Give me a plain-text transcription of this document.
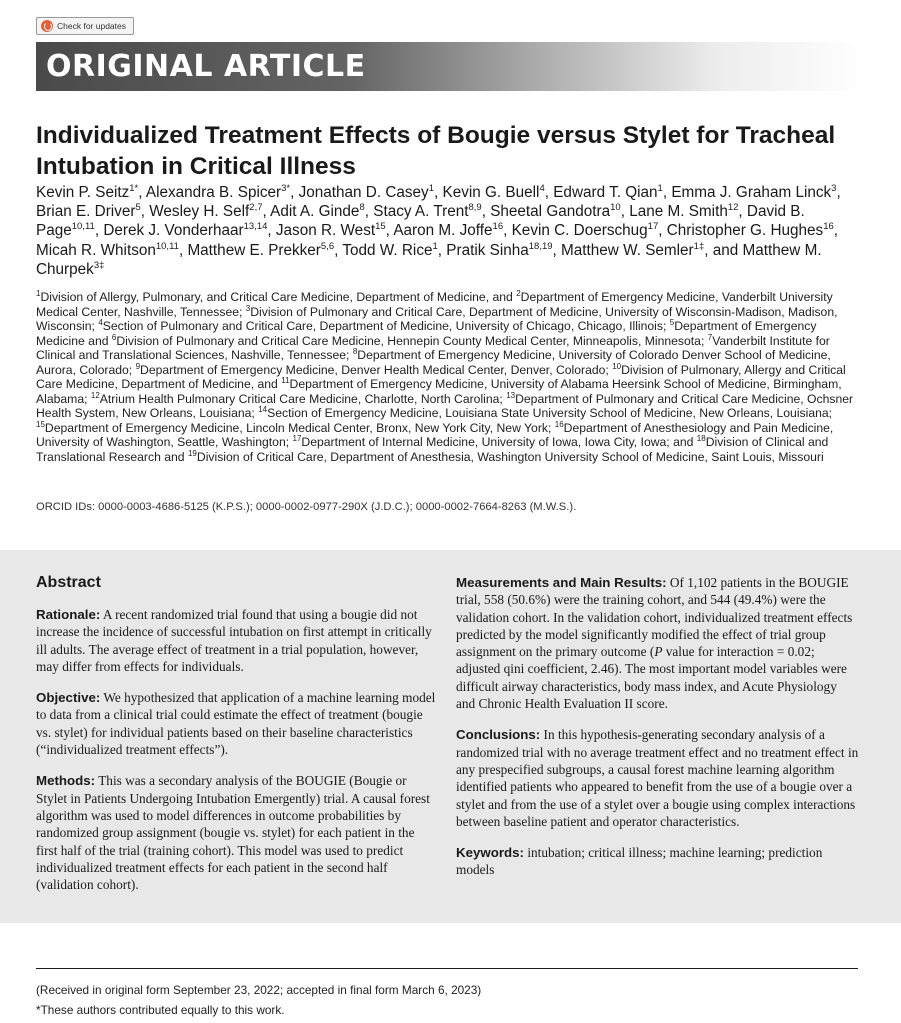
Check for updates
ORIGINAL ARTICLE
Individualized Treatment Effects of Bougie versus Stylet for Tracheal Intubation in Critical Illness
Kevin P. Seitz$^{1*}$, Alexandra B. Spicer$^{3*}$, Jonathan D. Casey$^1$, Kevin G. Buell$^4$, Edward T. Qian$^1$, Emma J. Graham Linck$^3$, Brian E. Driver$^5$, Wesley H. Self$^{2,7}$, Adit A. Ginde$^8$, Stacy A. Trent$^{8,9}$, Sheetal Gandotra$^{10}$, Lane M. Smith$^{12}$, David B. Page$^{10,11}$, Derek J. Vonderhaar$^{13,14}$, Jason R. West$^{15}$, Aaron M. Joffe$^{16}$, Kevin C. Doerschug$^{17}$, Christopher G. Hughes$^{16}$, Micah R. Whitson$^{10,11}$, Matthew E. Prekker$^{5,6}$, Todd W. Rice$^1$, Pratik Sinha$^{18,19}$, Matthew W. Semler$^{1\ddagger}$, and Matthew M. Churpek$^{3\ddagger}$
$^1$Division of Allergy, Pulmonary, and Critical Care Medicine, Department of Medicine, and $^2$Department of Emergency Medicine, Vanderbilt University Medical Center, Nashville, Tennessee; $^3$Division of Pulmonary and Critical Care, Department of Medicine, University of Wisconsin-Madison, Madison, Wisconsin; $^4$Section of Pulmonary and Critical Care, Department of Medicine, University of Chicago, Chicago, Illinois; $^5$Department of Emergency Medicine and $^6$Division of Pulmonary and Critical Care Medicine, Hennepin County Medical Center, Minneapolis, Minnesota; $^7$Vanderbilt Institute for Clinical and Translational Sciences, Nashville, Tennessee; $^8$Department of Emergency Medicine, University of Colorado Denver School of Medicine, Aurora, Colorado; $^9$Department of Emergency Medicine, Denver Health Medical Center, Denver, Colorado; $^{10}$Division of Pulmonary, Allergy and Critical Care Medicine, Department of Medicine, and $^{11}$Department of Emergency Medicine, University of Alabama Heersink School of Medicine, Birmingham, Alabama; $^{12}$Atrium Health Pulmonary Critical Care Medicine, Charlotte, North Carolina; $^{13}$Department of Pulmonary and Critical Care Medicine, Ochsner Health System, New Orleans, Louisiana; $^{14}$Section of Emergency Medicine, Louisiana State University School of Medicine, New Orleans, Louisiana; $^{15}$Department of Emergency Medicine, Lincoln Medical Center, Bronx, New York City, New York; $^{16}$Department of Anesthesiology and Pain Medicine, University of Washington, Seattle, Washington; $^{17}$Department of Internal Medicine, University of Iowa, Iowa City, Iowa; and $^{18}$Division of Clinical and Translational Research and $^{19}$Division of Critical Care, Department of Anesthesia, Washington University School of Medicine, Saint Louis, Missouri
ORCID IDs: 0000-0003-4686-5125 (K.P.S.); 0000-0002-0977-290X (J.D.C.); 0000-0002-7664-8263 (M.W.S.).
Abstract

Rationale: A recent randomized trial found that using a bougie did not increase the incidence of successful intubation on first attempt in critically ill adults. The average effect of treatment in a trial population, however, may differ from effects for individuals.

Objective: We hypothesized that application of a machine learning model to data from a clinical trial could estimate the effect of treatment (bougie vs. stylet) for individual patients based on their baseline characteristics (“individualized treatment effects”).

Methods: This was a secondary analysis of the BOUGIE (Bougie or Stylet in Patients Undergoing Intubation Emergently) trial. A causal forest algorithm was used to model differences in outcome probabilities by randomized group assignment (bougie vs. stylet) for each patient in the first half of the trial (training cohort). This model was used to predict individualized treatment effects for each patient in the second half (validation cohort).

Measurements and Main Results: Of 1,102 patients in the BOUGIE trial, 558 (50.6%) were the training cohort, and 544 (49.4%) were the validation cohort. In the validation cohort, individualized treatment effects predicted by the model significantly modified the effect of trial group assignment on the primary outcome (P value for interaction = 0.02; adjusted qini coefficient, 2.46). The most important model variables were difficult airway characteristics, body mass index, and Acute Physiology and Chronic Health Evaluation II score.

Conclusions: In this hypothesis-generating secondary analysis of a randomized trial with no average treatment effect and no treatment effect in any prespecified subgroups, a causal forest machine learning algorithm identified patients who appeared to benefit from the use of a bougie over a stylet and from the use of a stylet over a bougie using complex interactions between baseline patient and operator characteristics.

Keywords: intubation; critical illness; machine learning; prediction models

(Received in original form September 23, 2022; accepted in final form March 6, 2023)
*These authors contributed equally to this work.
